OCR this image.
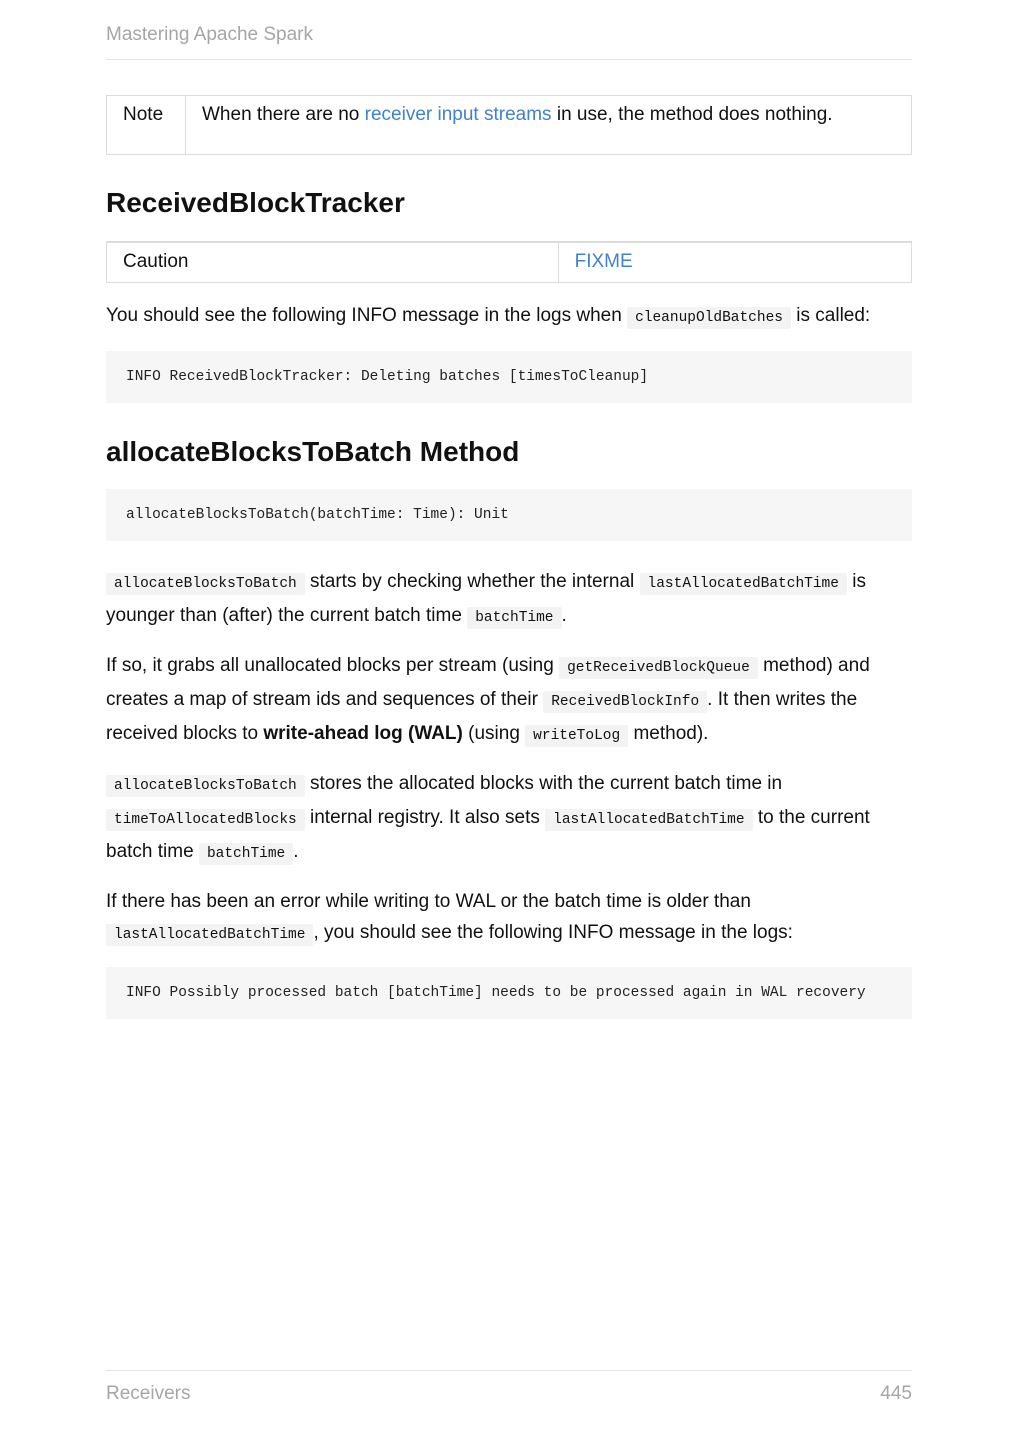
Mastering Apache Spark
Note	When there are no receiver input streams in use, the method does nothing.
ReceivedBlockTracker
Caution	FIXME

You should see the following INFO message in the logs when cleanupOldBatches is called:

INFO ReceivedBlockTracker: Deleting batches [timesToCleanup]
allocateBlocksToBatch Method
allocateBlocksToBatch(batchTime: Time): Unit

allocateBlocksToBatch starts by checking whether the internal lastAllocatedBatchTime is younger than (after) the current batch time batchTime .

If so, it grabs all unallocated blocks per stream (using getReceivedBlockQueue method) and creates a map of stream ids and sequences of their ReceivedBlockInfo . It then writes the received blocks to write-ahead log (WAL) (using writeToLog method).

allocateBlocksToBatch stores the allocated blocks with the current batch time in timeToAllocatedBlocks internal registry. It also sets lastAllocatedBatchTime to the current batch time batchTime .

If there has been an error while writing to WAL or the batch time is older than lastAllocatedBatchTime , you should see the following INFO message in the logs:

INFO Possibly processed batch [batchTime] needs to be processed again in WAL recovery
Receivers	445
